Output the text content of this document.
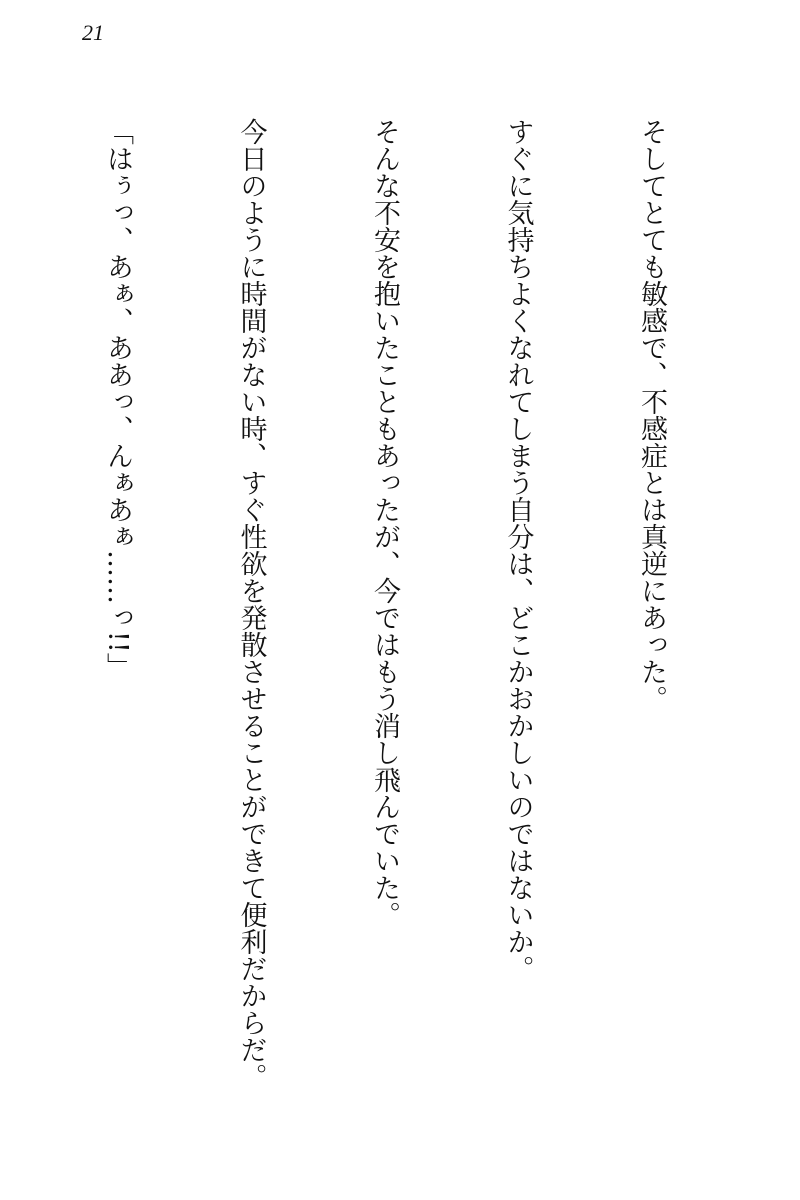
21

そしてとても敏感で、不感症とは真逆にあった。

すぐに気持ちよくなれてしまう自分は、どこかおかしいのではないか。

そんな不安を抱いたこともあったが、今ではもう消し飛んでいた。

今日のように時間がない時、すぐ性欲を発散させることができて便利だからだ。

「はぅっ、あぁ、ああっ、んぁあぁ……っ!!」
